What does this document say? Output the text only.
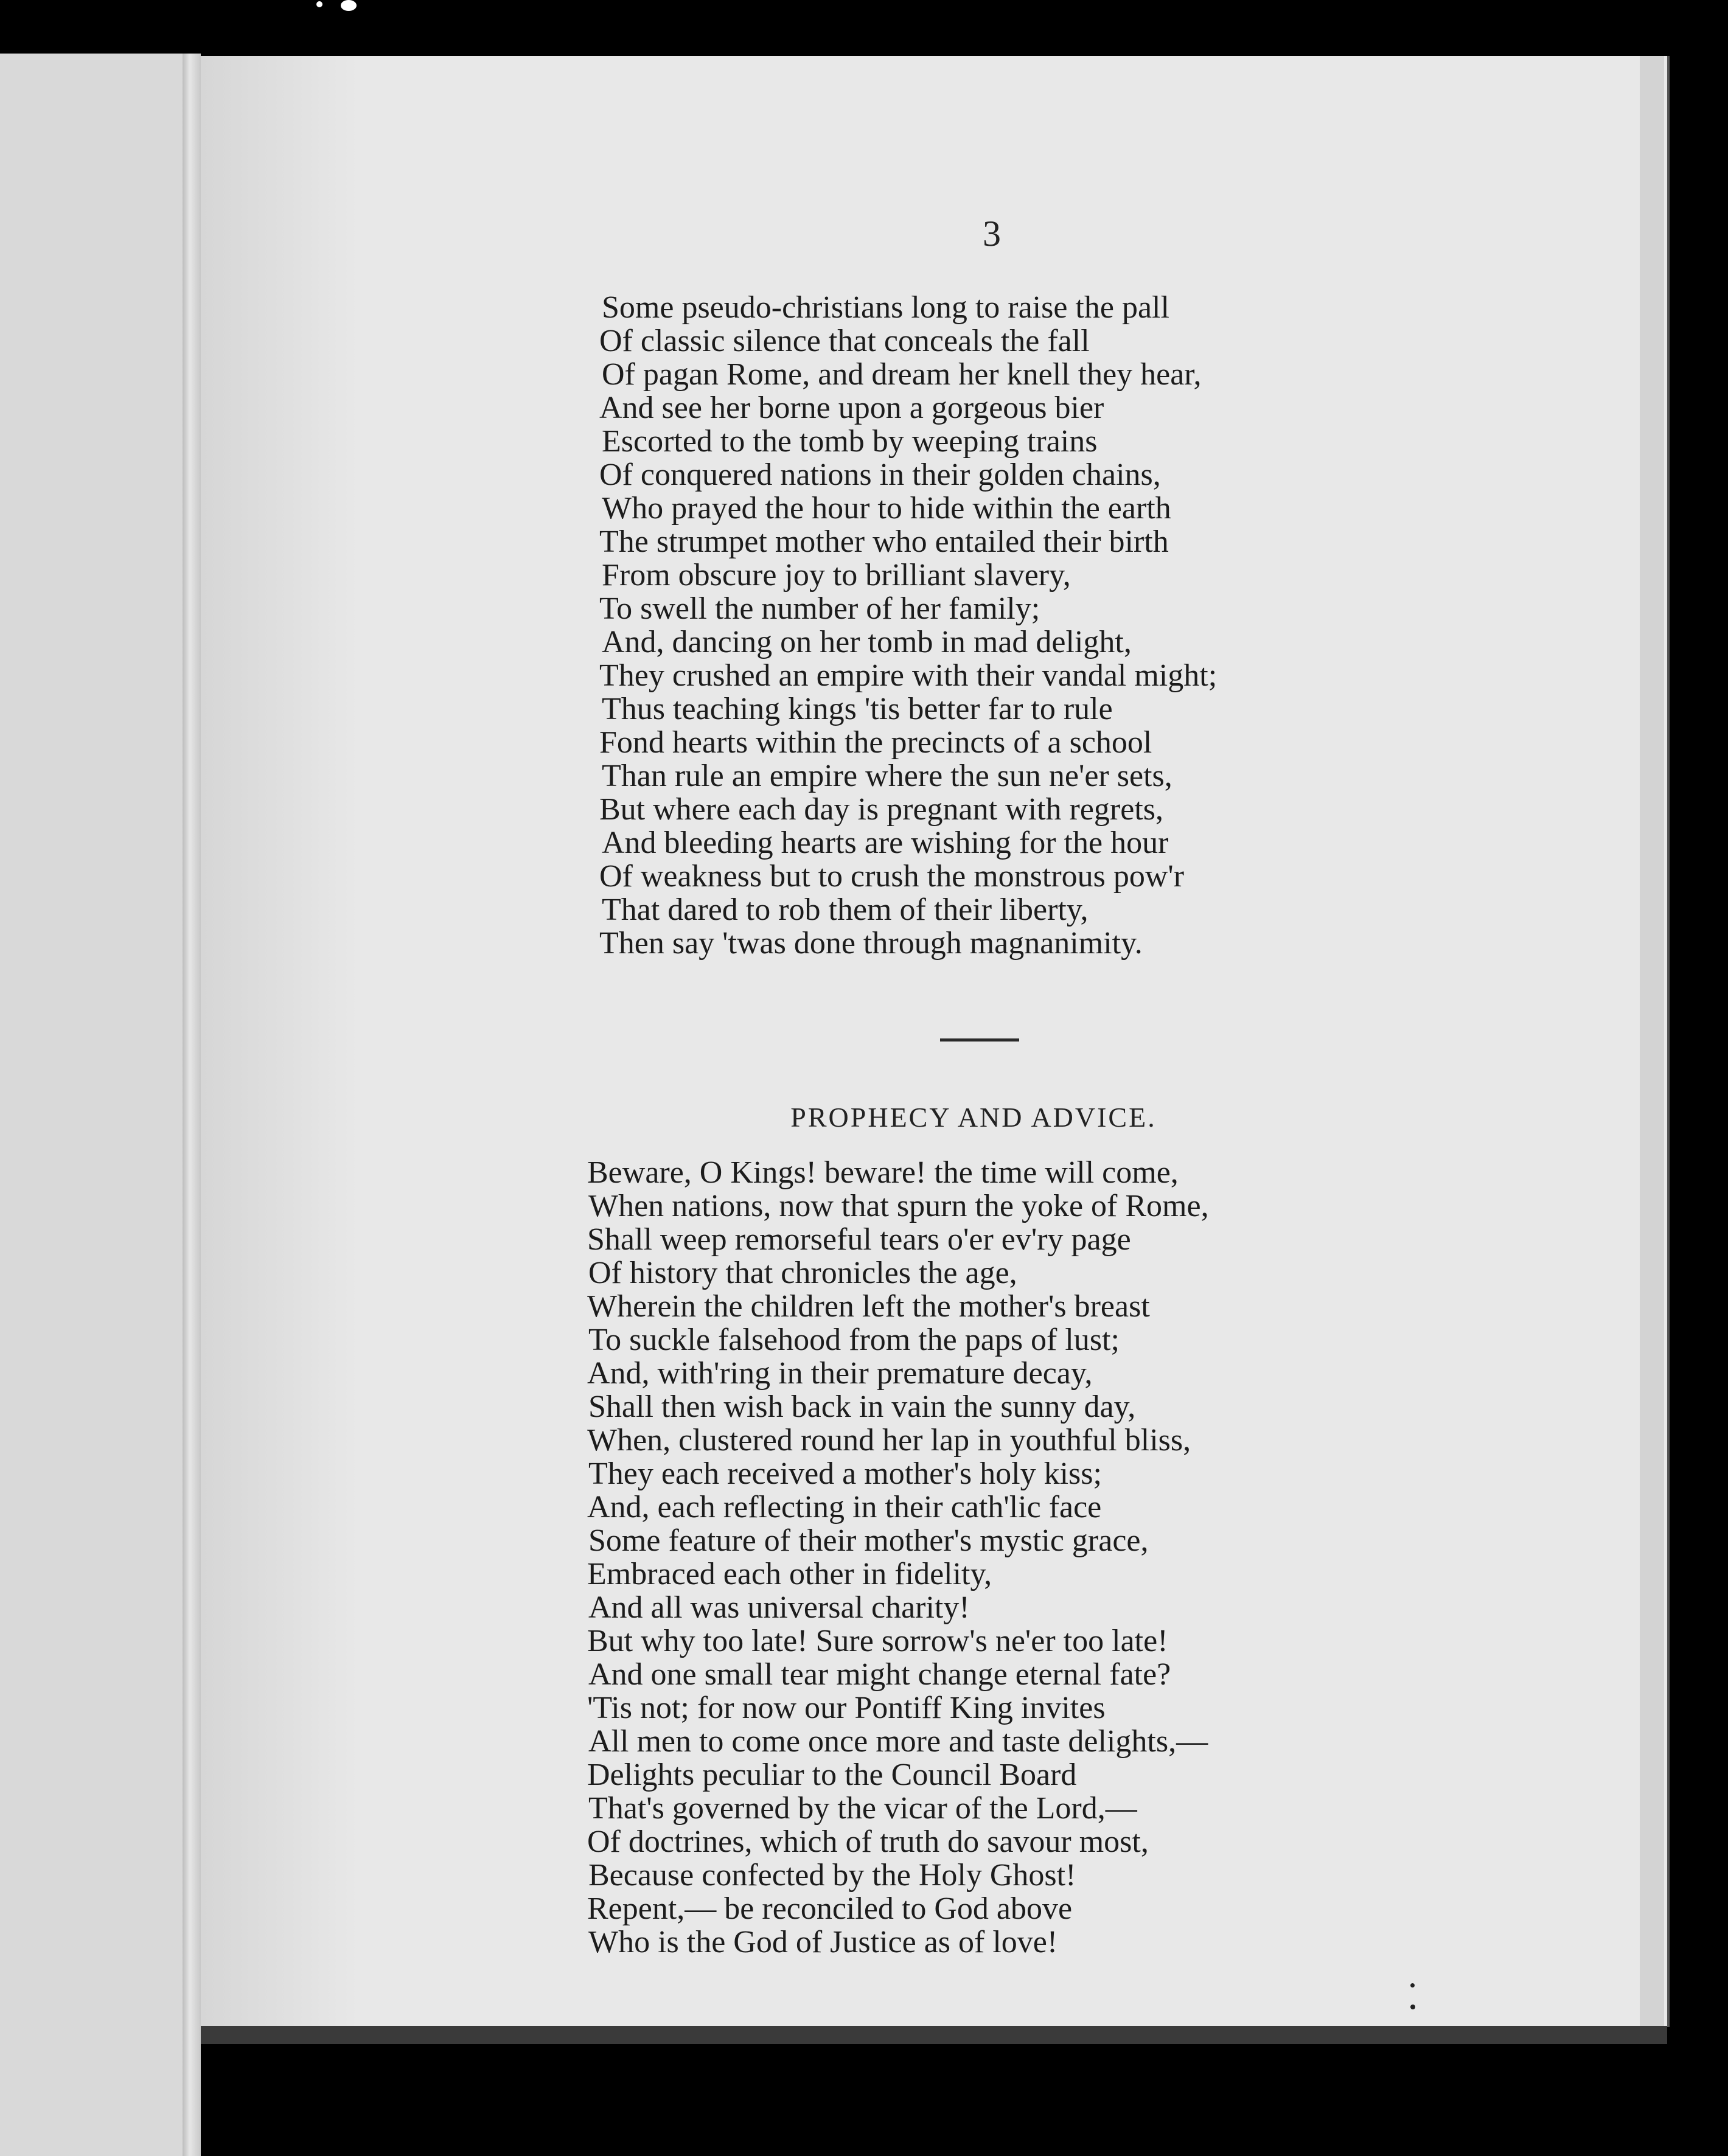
3
Some pseudo-christians long to raise the pall
Of classic silence that conceals the fall
Of pagan Rome, and dream her knell they hear,
And see her borne upon a gorgeous bier
Escorted to the tomb by weeping trains
Of conquered nations in their golden chains,
Who prayed the hour to hide within the earth
The strumpet mother who entailed their birth
From obscure joy to brilliant slavery,
To swell the number of her family;
And, dancing on her tomb in mad delight,
They crushed an empire with their vandal might;
Thus teaching kings 'tis better far to rule
Fond hearts within the precincts of a school
Than rule an empire where the sun ne'er sets,
But where each day is pregnant with regrets,
And bleeding hearts are wishing for the hour
Of weakness but to crush the monstrous pow'r
That dared to rob them of their liberty,
Then say 'twas done through magnanimity.
PROPHECY AND ADVICE.
Beware, O Kings! beware! the time will come,
When nations, now that spurn the yoke of Rome,
Shall weep remorseful tears o'er ev'ry page
Of history that chronicles the age,
Wherein the children left the mother's breast
To suckle falsehood from the paps of lust;
And, with'ring in their premature decay,
Shall then wish back in vain the sunny day,
When, clustered round her lap in youthful bliss,
They each received a mother's holy kiss;
And, each reflecting in their cath'lic face
Some feature of their mother's mystic grace,
Embraced each other in fidelity,
And all was universal charity!
But why too late! Sure sorrow's ne'er too late!
And one small tear might change eternal fate?
'Tis not; for now our Pontiff King invites
All men to come once more and taste delights,—
Delights peculiar to the Council Board
That's governed by the vicar of the Lord,—
Of doctrines, which of truth do savour most,
Because confected by the Holy Ghost!
Repent,— be reconciled to God above
Who is the God of Justice as of love!
